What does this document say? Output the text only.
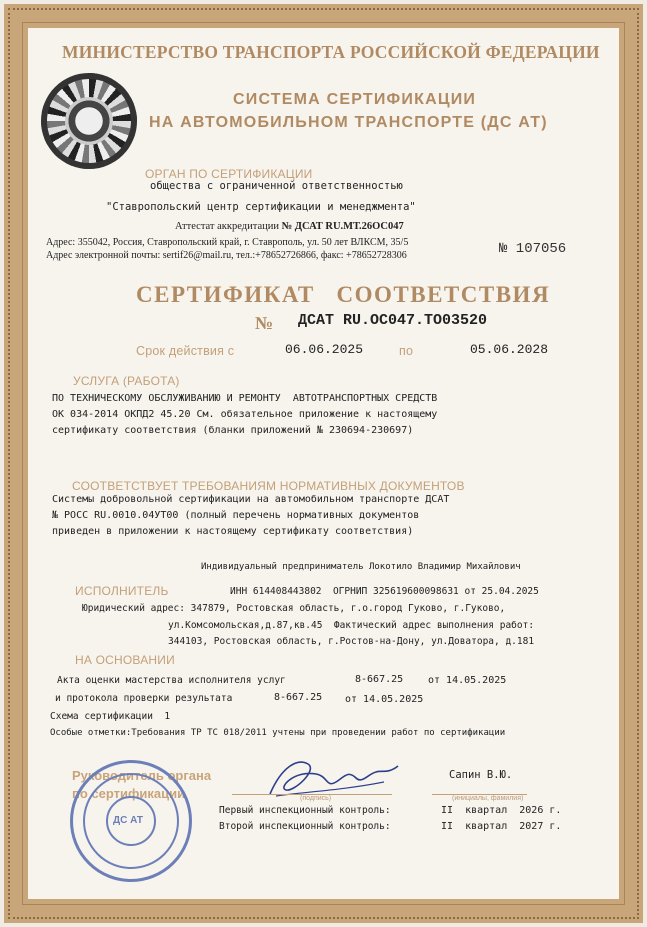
МИНИСТЕРСТВО ТРАНСПОРТА РОССИЙСКОЙ ФЕДЕРАЦИИ
СИСТЕМА СЕРТИФИКАЦИИ
НА АВТОМОБИЛЬНОМ ТРАНСПОРТЕ (ДС АТ)
ОРГАН ПО СЕРТИФИКАЦИИ
общества с ограниченной ответственностью
"Ставропольский центр сертификации и менеджмента"
Аттестат аккредитации № ДСАТ RU.МТ.26ОС047
Адрес: 355042, Россия, Ставропольский край, г. Ставрополь, ул. 50 лет ВЛКСМ, 35/5
Адрес электронной почты: sertif26@mail.ru, тел.:+78652726866, факс: +78652728306	№ 107056
СЕРТИФИКАТ   СООТВЕТСТВИЯ
№ ДСАТ RU.ОС047.ТО03520
Срок действия с	06.06.2025	по	05.06.2028
УСЛУГА (РАБОТА)
ПО ТЕХНИЧЕСКОМУ ОБСЛУЖИВАНИЮ И РЕМОНТУ  АВТОТРАНСПОРТНЫХ СРЕДСТВ
ОК 034-2014 ОКПД2 45.20 См. обязательное приложение к настоящему
сертификату соответствия (бланки приложений № 230694-230697)
СООТВЕТСТВУЕТ ТРЕБОВАНИЯМ НОРМАТИВНЫХ ДОКУМЕНТОВ
Системы добровольной сертификации на автомобильном транспорте ДСАТ
№ РОСС RU.0010.04УТ00 (полный перечень нормативных документов
приведен в приложении к настоящему сертификату соответствия)
Индивидуальный предприниматель Локотило Владимир Михайлович
ИСПОЛНИТЕЛЬ	ИНН 614408443802  ОГРНИП 325619600098631 от 25.04.2025
Юридический адрес: 347879, Ростовская область, г.о.город Гуково, г.Гуково,
ул.Комсомольская,д.87,кв.45  Фактический адрес выполнения работ:
344103, Ростовская область, г.Ростов-на-Дону, ул.Доватора, д.181
НА ОСНОВАНИИ
Акта оценки мастерства исполнителя услуг	8-667.25 от 14.05.2025
и протокола проверки результата	8-667.25 от 14.05.2025
Схема сертификации  1
Особые отметки:Требования ТР ТС 018/2011 учтены при проведении работ по сертификации
Руководитель органа
по сертификации
Сапин В.Ю.
(подпись)	(инициалы, фамилия)
Первый инспекционный контроль:	II  квартал  2026 г.
Второй инспекционный контроль:	II  квартал  2027 г.
ДС АТ
